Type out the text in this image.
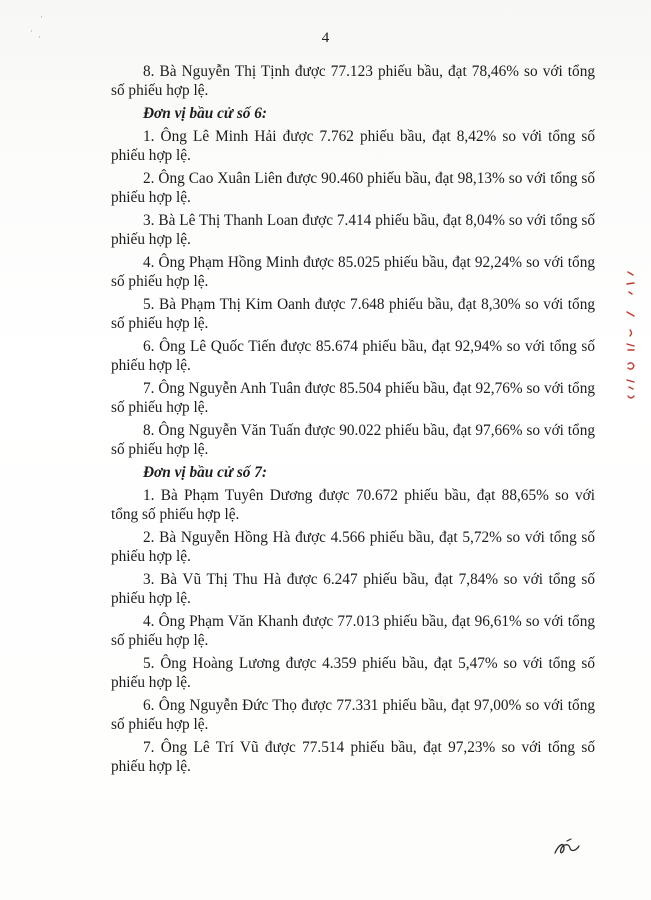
·
·
·	4

8. Bà Nguyễn Thị Tịnh được 77.123 phiếu bầu, đạt 78,46% so với tổng số phiếu hợp lệ.

Đơn vị bầu cử số 6:

1. Ông Lê Minh Hải được 7.762 phiếu bầu, đạt 8,42% so với tổng số phiếu hợp lệ.

2. Ông Cao Xuân Liên được 90.460 phiếu bầu, đạt 98,13% so với tổng số phiếu hợp lệ.

3. Bà Lê Thị Thanh Loan được 7.414 phiếu bầu, đạt 8,04% so với tổng số phiếu hợp lệ.

4. Ông Phạm Hồng Minh được 85.025 phiếu bầu, đạt 92,24% so với tổng số phiếu hợp lệ.

5. Bà Phạm Thị Kim Oanh được 7.648 phiếu bầu, đạt 8,30% so với tổng số phiếu hợp lệ.

6. Ông Lê Quốc Tiến được 85.674 phiếu bầu, đạt 92,94% so với tổng số phiếu hợp lệ.

7. Ông Nguyễn Anh Tuân được 85.504 phiếu bầu, đạt 92,76% so với tổng số phiếu hợp lệ.

8. Ông Nguyễn Văn Tuấn được 90.022 phiếu bầu, đạt 97,66% so với tổng số phiếu hợp lệ.

Đơn vị bầu cử số 7:

1. Bà Phạm Tuyên Dương được 70.672 phiếu bầu, đạt 88,65% so với tổng số phiếu hợp lệ.

2. Bà Nguyễn Hồng Hà được 4.566 phiếu bầu, đạt 5,72% so với tổng số phiếu hợp lệ.

3. Bà Vũ Thị Thu Hà được 6.247 phiếu bầu, đạt 7,84% so với tổng số phiếu hợp lệ.

4. Ông Phạm Văn Khanh được 77.013 phiếu bầu, đạt 96,61% so với tổng số phiếu hợp lệ.

5. Ông Hoàng Lương được 4.359 phiếu bầu, đạt 5,47% so với tổng số phiếu hợp lệ.

6. Ông Nguyễn Đức Thọ được 77.331 phiếu bầu, đạt 97,00% so với tổng số phiếu hợp lệ.

7. Ông Lê Trí Vũ được 77.514 phiếu bầu, đạt 97,23% so với tổng số phiếu hợp lệ.
